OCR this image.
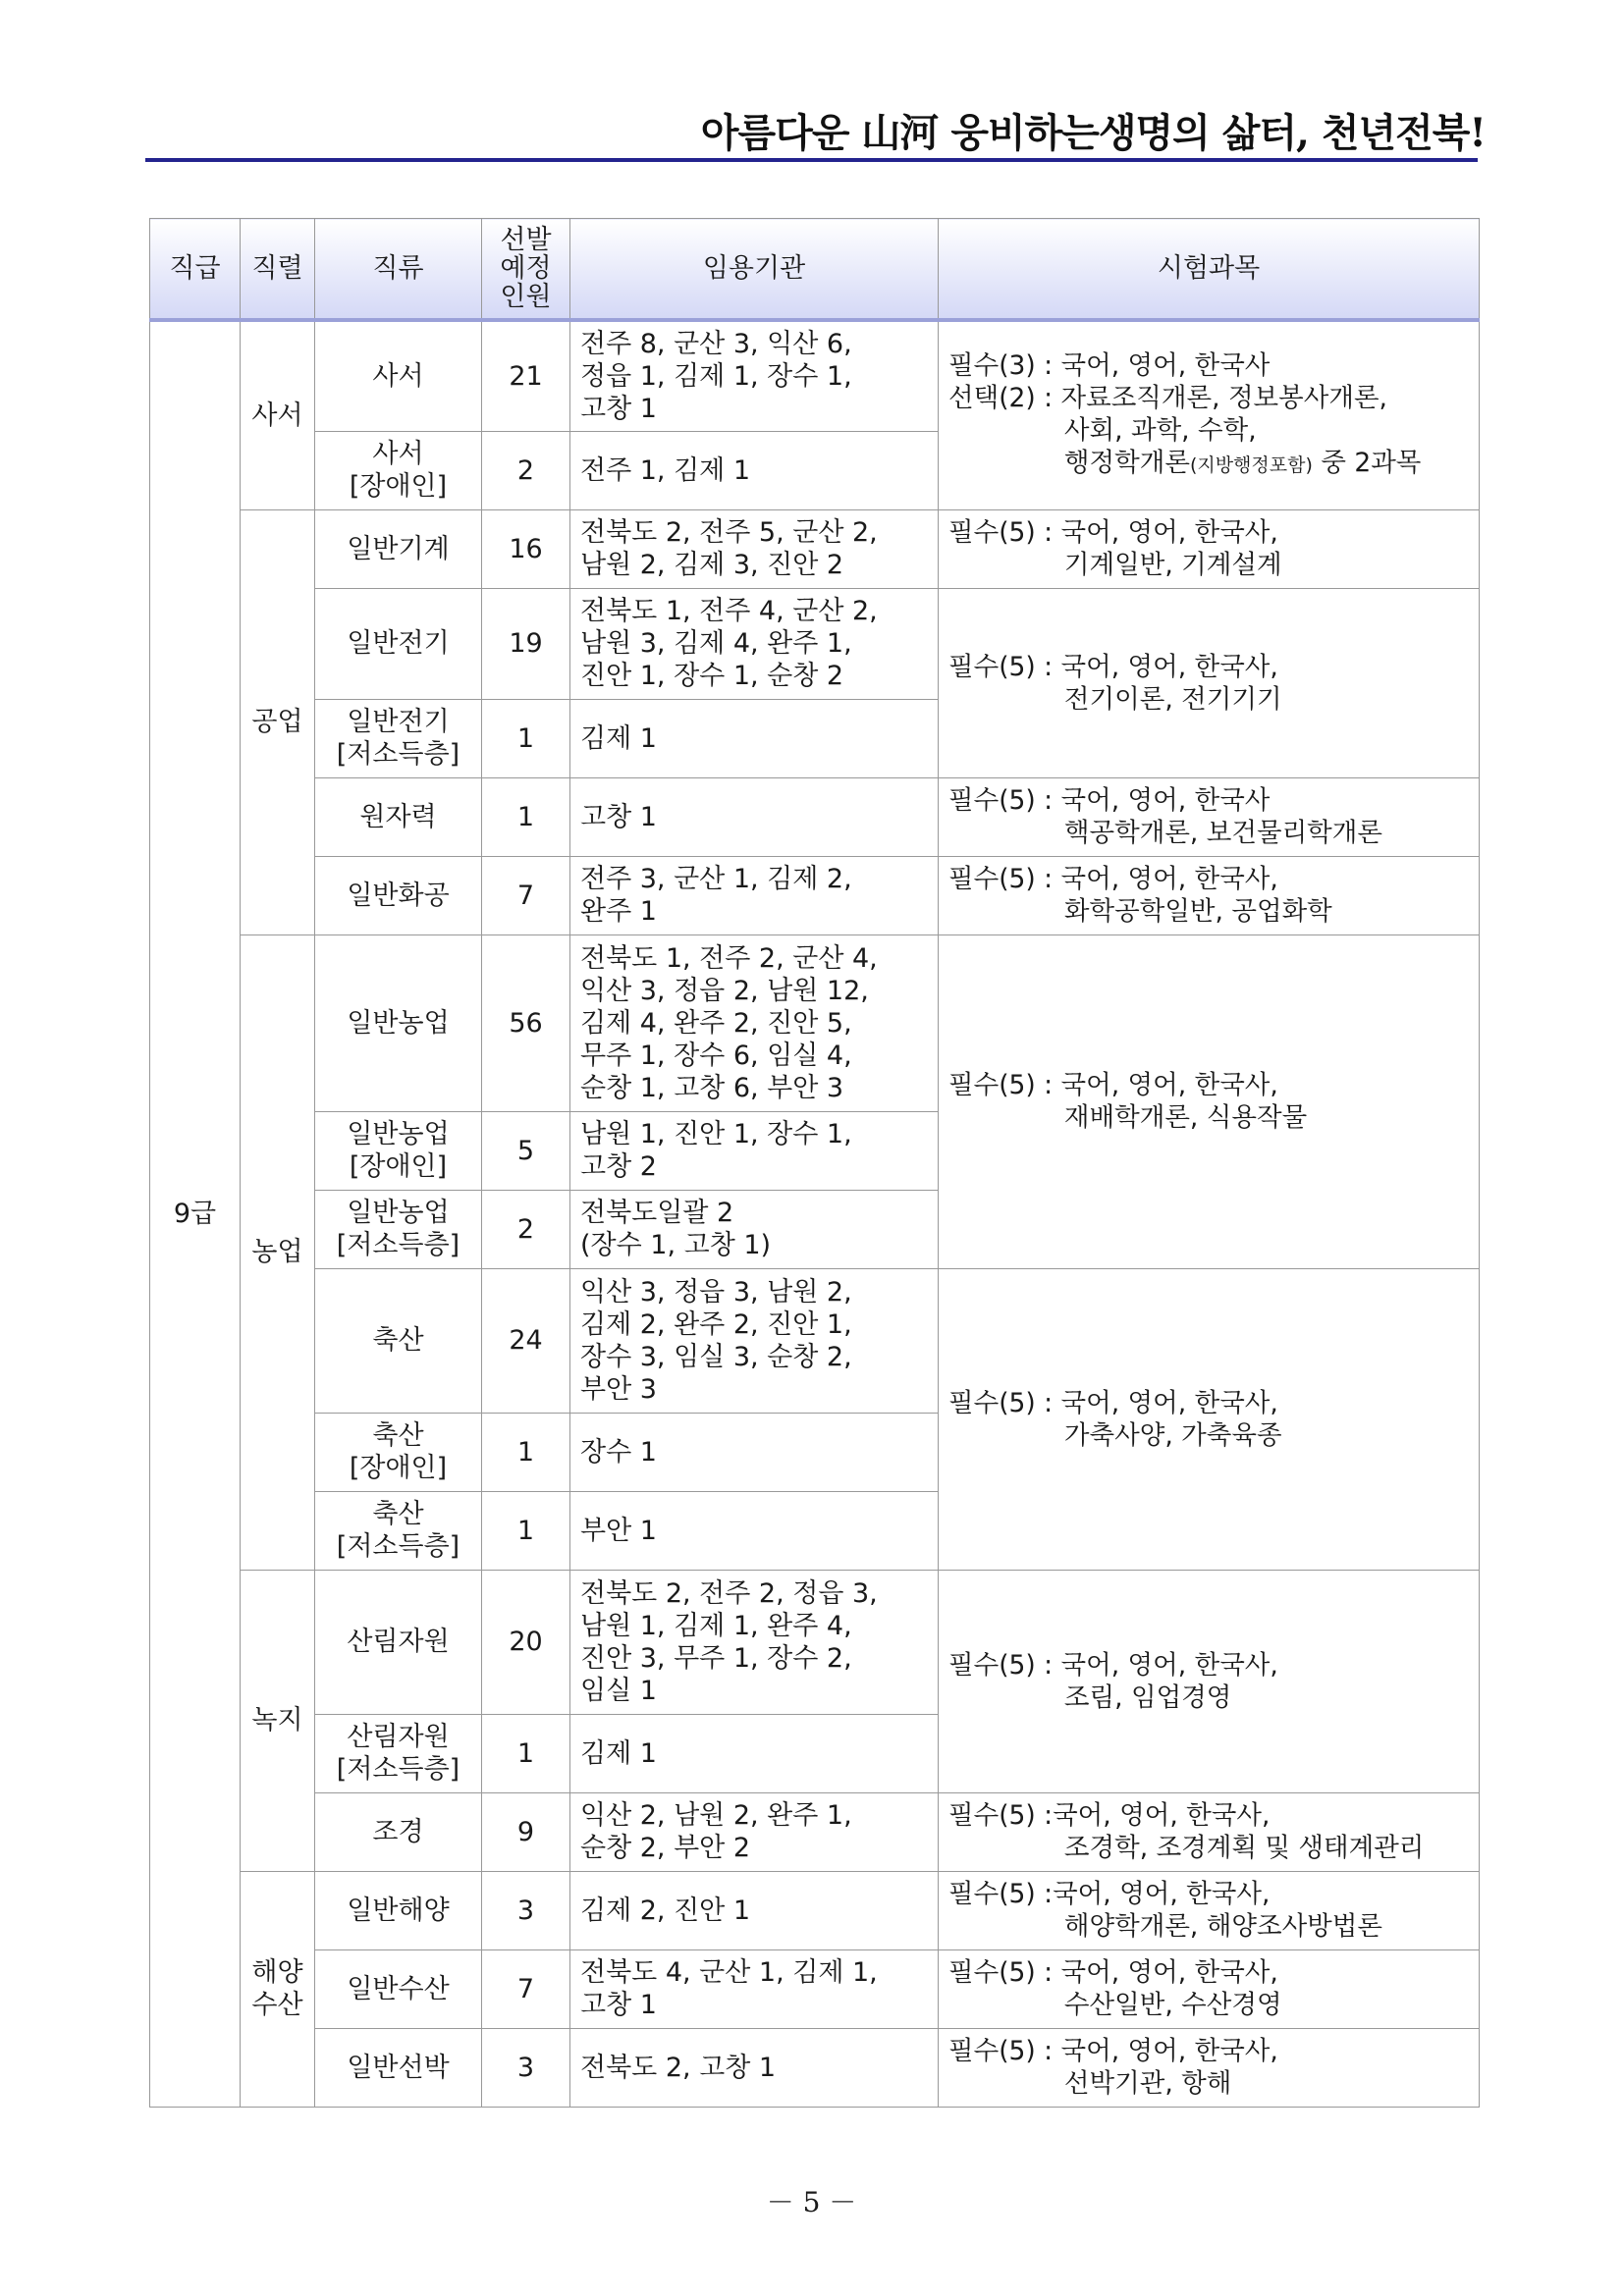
아름다운 山河 웅비하는생명의 삶터, 천년전북!
직급	직렬	직류	선발
예정
인원	임용기관	시험과목
9급	사서	사서	21	전주 8, 군산 3, 익산 6,
정읍 1, 김제 1, 장수 1,
고창 1	필수(3) : 국어, 영어, 한국사
선택(2) : 자료조직개론, 정보봉사개론,
사회, 과학, 수학,
행정학개론(지방행정포함) 중 2과목
		사서
[장애인]	2	전주 1, 김제 1	
	공업	일반기계	16	전북도 2, 전주 5, 군산 2,
남원 2, 김제 3, 진안 2	필수(5) : 국어, 영어, 한국사,
기계일반, 기계설계
		일반전기	19	전북도 1, 전주 4, 군산 2,
남원 3, 김제 4, 완주 1,
진안 1, 장수 1, 순창 2	필수(5) : 국어, 영어, 한국사,
전기이론, 전기기기
		일반전기
[저소득층]	1	김제 1	
		원자력	1	고창 1	필수(5) : 국어, 영어, 한국사
핵공학개론, 보건물리학개론
		일반화공	7	전주 3, 군산 1, 김제 2,
완주 1	필수(5) : 국어, 영어, 한국사,
화학공학일반, 공업화학
	농업	일반농업	56	전북도 1, 전주 2, 군산 4,
익산 3, 정읍 2, 남원 12,
김제 4, 완주 2, 진안 5,
무주 1, 장수 6, 임실 4,
순창 1, 고창 6, 부안 3	필수(5) : 국어, 영어, 한국사,
재배학개론, 식용작물
		일반농업
[장애인]	5	남원 1, 진안 1, 장수 1,
고창 2	
		일반농업
[저소득층]	2	전북도일괄 2
(장수 1, 고창 1)	
		축산	24	익산 3, 정읍 3, 남원 2,
김제 2, 완주 2, 진안 1,
장수 3, 임실 3, 순창 2,
부안 3	필수(5) : 국어, 영어, 한국사,
가축사양, 가축육종
		축산
[장애인]	1	장수 1	
		축산
[저소득층]	1	부안 1	
	녹지	산림자원	20	전북도 2, 전주 2, 정읍 3,
남원 1, 김제 1, 완주 4,
진안 3, 무주 1, 장수 2,
임실 1	필수(5) : 국어, 영어, 한국사,
조림, 임업경영
		산림자원
[저소득층]	1	김제 1	
		조경	9	익산 2, 남원 2, 완주 1,
순창 2, 부안 2	필수(5) :국어, 영어, 한국사,
조경학, 조경계획 및 생태계관리
	해양
수산	일반해양	3	김제 2, 진안 1	필수(5) :국어, 영어, 한국사,
해양학개론, 해양조사방법론
		일반수산	7	전북도 4, 군산 1, 김제 1,
고창 1	필수(5) : 국어, 영어, 한국사,
수산일반, 수산경영
		일반선박	3	전북도 2, 고창 1	필수(5) : 국어, 영어, 한국사,
선박기관, 항해
－ 5 －
